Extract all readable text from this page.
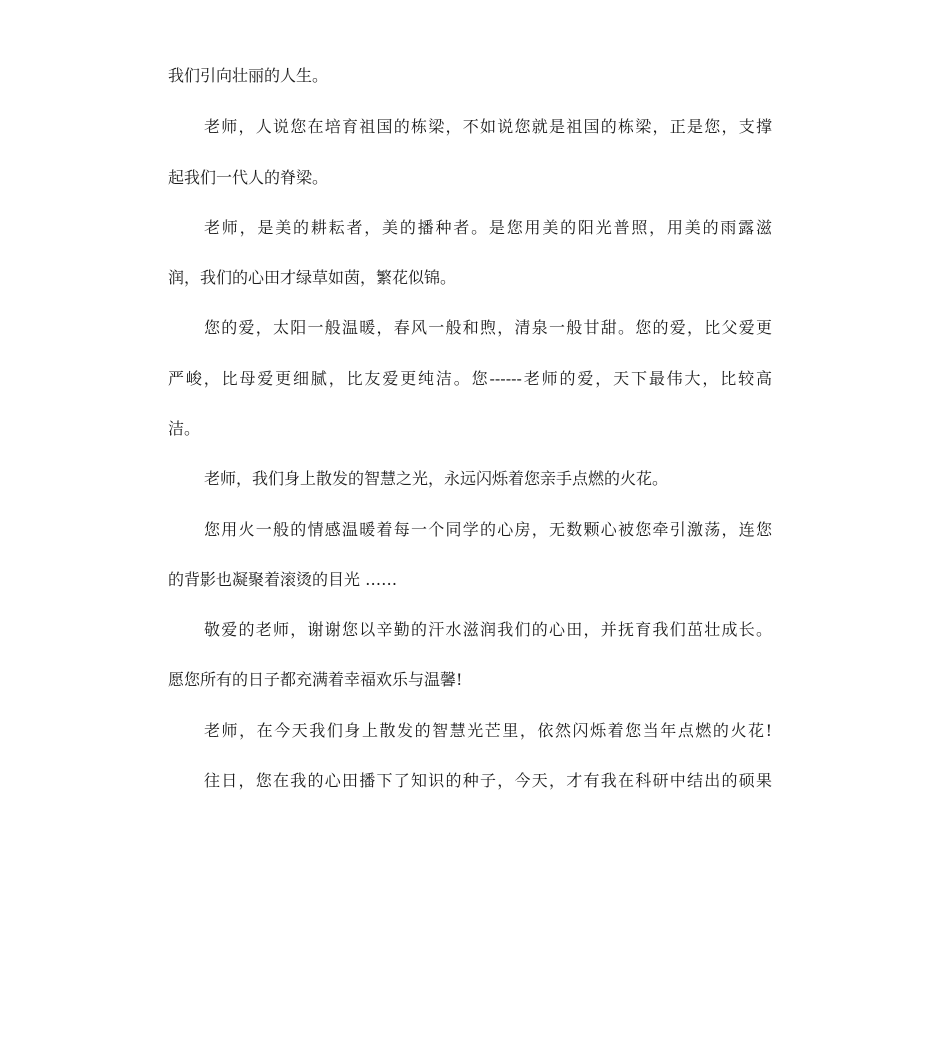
我们引向壮丽的人生。
老师，人说您在培育祖国的栋梁，不如说您就是祖国的栋梁，正是您，支撑
起我们一代人的脊梁。
老师，是美的耕耘者，美的播种者。是您用美的阳光普照，用美的雨露滋
润，我们的心田才绿草如茵，繁花似锦。
您的爱，太阳一般温暖，春风一般和煦，清泉一般甘甜。您的爱，比父爱更
严峻，比母爱更细腻，比友爱更纯洁。您------老师的爱，天下最伟大，比较高
洁。
老师，我们身上散发的智慧之光，永远闪烁着您亲手点燃的火花。
您用火一般的情感温暖着每一个同学的心房，无数颗心被您牵引激荡，连您
的背影也凝聚着滚烫的目光 ……
敬爱的老师，谢谢您以辛勤的汗水滋润我们的心田，并抚育我们茁壮成长。
愿您所有的日子都充满着幸福欢乐与温馨!
老师，在今天我们身上散发的智慧光芒里，依然闪烁着您当年点燃的火花!
往日，您在我的心田播下了知识的种子，今天，才有我在科研中结出的硕果
